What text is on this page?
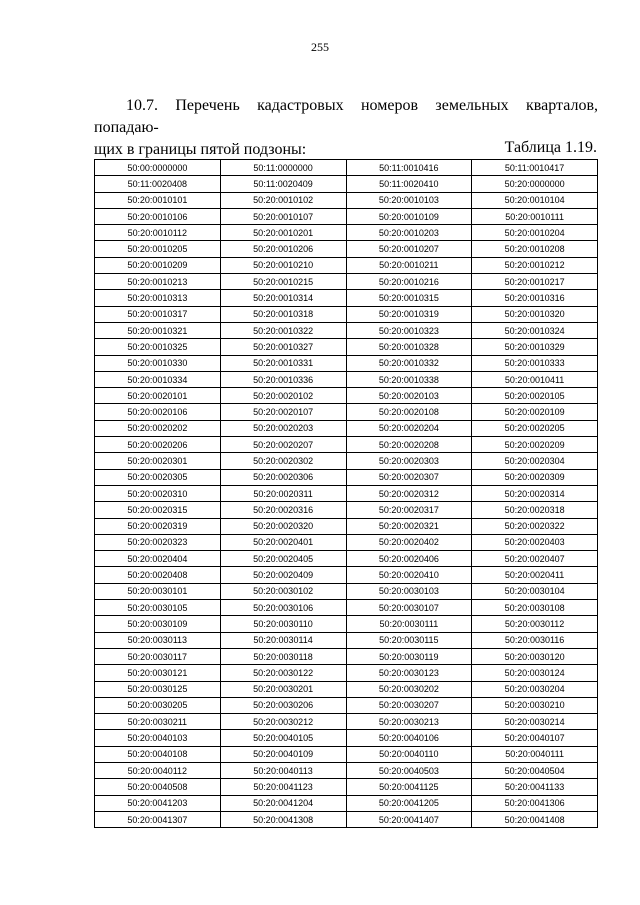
255
10.7. Перечень кадастровых номеров земельных кварталов, попадаю-
щих в границы пятой подзоны:	Таблица 1.19.
50:00:0000000	50:11:0000000	50:11:0010416	50:11:0010417
50:11:0020408	50:11:0020409	50:11:0020410	50:20:0000000
50:20:0010101	50:20:0010102	50:20:0010103	50:20:0010104
50:20:0010106	50:20:0010107	50:20:0010109	50:20:0010111
50:20:0010112	50:20:0010201	50:20:0010203	50:20:0010204
50:20:0010205	50:20:0010206	50:20:0010207	50:20:0010208
50:20:0010209	50:20:0010210	50:20:0010211	50:20:0010212
50:20:0010213	50:20:0010215	50:20:0010216	50:20:0010217
50:20:0010313	50:20:0010314	50:20:0010315	50:20:0010316
50:20:0010317	50:20:0010318	50:20:0010319	50:20:0010320
50:20:0010321	50:20:0010322	50:20:0010323	50:20:0010324
50:20:0010325	50:20:0010327	50:20:0010328	50:20:0010329
50:20:0010330	50:20:0010331	50:20:0010332	50:20:0010333
50:20:0010334	50:20:0010336	50:20:0010338	50:20:0010411
50:20:0020101	50:20:0020102	50:20:0020103	50:20:0020105
50:20:0020106	50:20:0020107	50:20:0020108	50:20:0020109
50:20:0020202	50:20:0020203	50:20:0020204	50:20:0020205
50:20:0020206	50:20:0020207	50:20:0020208	50:20:0020209
50:20:0020301	50:20:0020302	50:20:0020303	50:20:0020304
50:20:0020305	50:20:0020306	50:20:0020307	50:20:0020309
50:20:0020310	50:20:0020311	50:20:0020312	50:20:0020314
50:20:0020315	50:20:0020316	50:20:0020317	50:20:0020318
50:20:0020319	50:20:0020320	50:20:0020321	50:20:0020322
50:20:0020323	50:20:0020401	50:20:0020402	50:20:0020403
50:20:0020404	50:20:0020405	50:20:0020406	50:20:0020407
50:20:0020408	50:20:0020409	50:20:0020410	50:20:0020411
50:20:0030101	50:20:0030102	50:20:0030103	50:20:0030104
50:20:0030105	50:20:0030106	50:20:0030107	50:20:0030108
50:20:0030109	50:20:0030110	50:20:0030111	50:20:0030112
50:20:0030113	50:20:0030114	50:20:0030115	50:20:0030116
50:20:0030117	50:20:0030118	50:20:0030119	50:20:0030120
50:20:0030121	50:20:0030122	50:20:0030123	50:20:0030124
50:20:0030125	50:20:0030201	50:20:0030202	50:20:0030204
50:20:0030205	50:20:0030206	50:20:0030207	50:20:0030210
50:20:0030211	50:20:0030212	50:20:0030213	50:20:0030214
50:20:0040103	50:20:0040105	50:20:0040106	50:20:0040107
50:20:0040108	50:20:0040109	50:20:0040110	50:20:0040111
50:20:0040112	50:20:0040113	50:20:0040503	50:20:0040504
50:20:0040508	50:20:0041123	50:20:0041125	50:20:0041133
50:20:0041203	50:20:0041204	50:20:0041205	50:20:0041306
50:20:0041307	50:20:0041308	50:20:0041407	50:20:0041408
